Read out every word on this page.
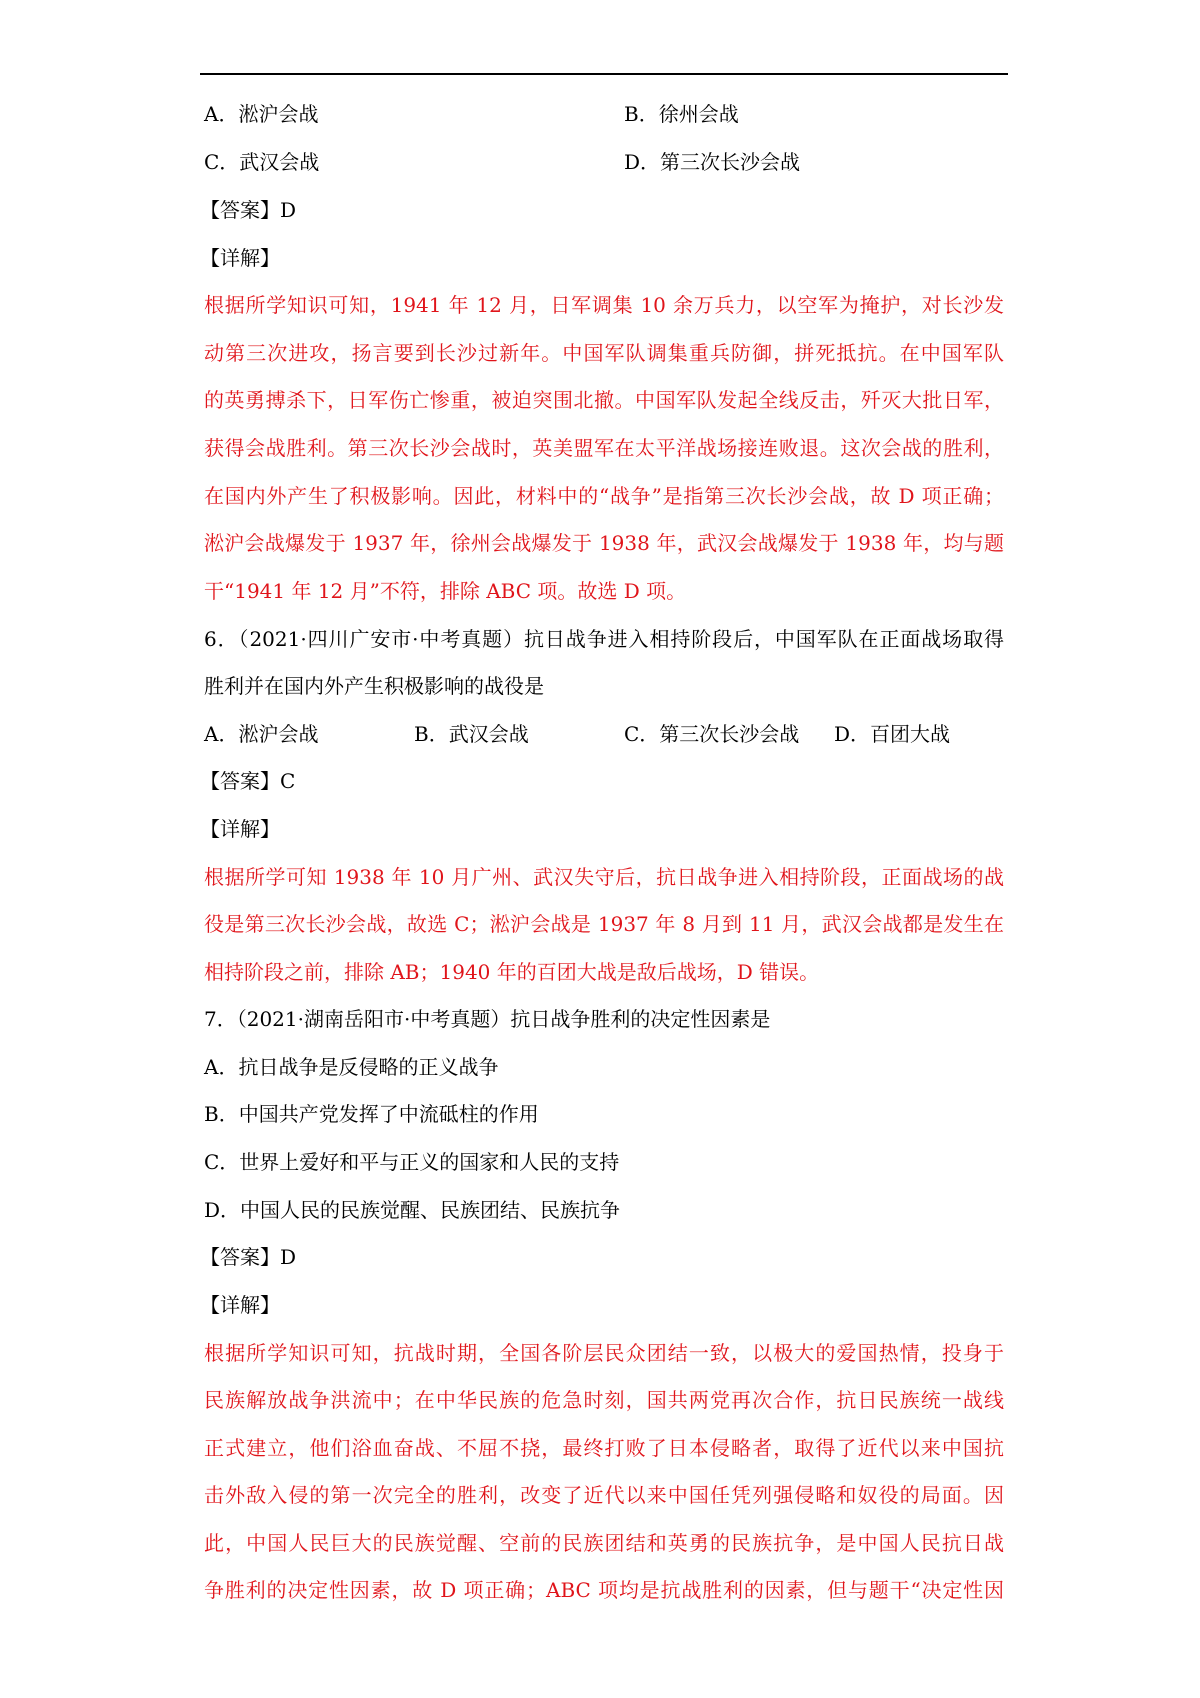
A．淞沪会战	B．徐州会战
C．武汉会战	D．第三次长沙会战
【答案】D
【详解】
根据所学知识可知，1941 年 12 月，日军调集 10 余万兵力，以空军为掩护，对长沙发
动第三次进攻，扬言要到长沙过新年。中国军队调集重兵防御，拼死抵抗。在中国军队
的英勇搏杀下，日军伤亡惨重，被迫突围北撤。中国军队发起全线反击，歼灭大批日军，
获得会战胜利。第三次长沙会战时，英美盟军在太平洋战场接连败退。这次会战的胜利，
在国内外产生了积极影响。因此，材料中的“战争”是指第三次长沙会战，故 D 项正确；
淞沪会战爆发于 1937 年，徐州会战爆发于 1938 年，武汉会战爆发于 1938 年，均与题
干“1941 年 12 月”不符，排除 ABC 项。故选 D 项。
6．（2021·四川广安市·中考真题）抗日战争进入相持阶段后，中国军队在正面战场取得
胜利并在国内外产生积极影响的战役是
A．淞沪会战	B．武汉会战	C．第三次长沙会战 D．百团大战
【答案】C
【详解】
根据所学可知 1938 年 10 月广州、武汉失守后，抗日战争进入相持阶段，正面战场的战
役是第三次长沙会战，故选 C；淞沪会战是 1937 年 8 月到 11 月，武汉会战都是发生在
相持阶段之前，排除 AB；1940 年的百团大战是敌后战场，D 错误。
7．（2021·湖南岳阳市·中考真题）抗日战争胜利的决定性因素是
A．抗日战争是反侵略的正义战争
B．中国共产党发挥了中流砥柱的作用
C．世界上爱好和平与正义的国家和人民的支持
D．中国人民的民族觉醒、民族团结、民族抗争
【答案】D
【详解】
根据所学知识可知，抗战时期，全国各阶层民众团结一致，以极大的爱国热情，投身于
民族解放战争洪流中；在中华民族的危急时刻，国共两党再次合作，抗日民族统一战线
正式建立，他们浴血奋战、不屈不挠，最终打败了日本侵略者，取得了近代以来中国抗
击外敌入侵的第一次完全的胜利，改变了近代以来中国任凭列强侵略和奴役的局面。因
此，中国人民巨大的民族觉醒、空前的民族团结和英勇的民族抗争，是中国人民抗日战
争胜利的决定性因素，故 D 项正确；ABC 项均是抗战胜利的因素，但与题干“决定性因
